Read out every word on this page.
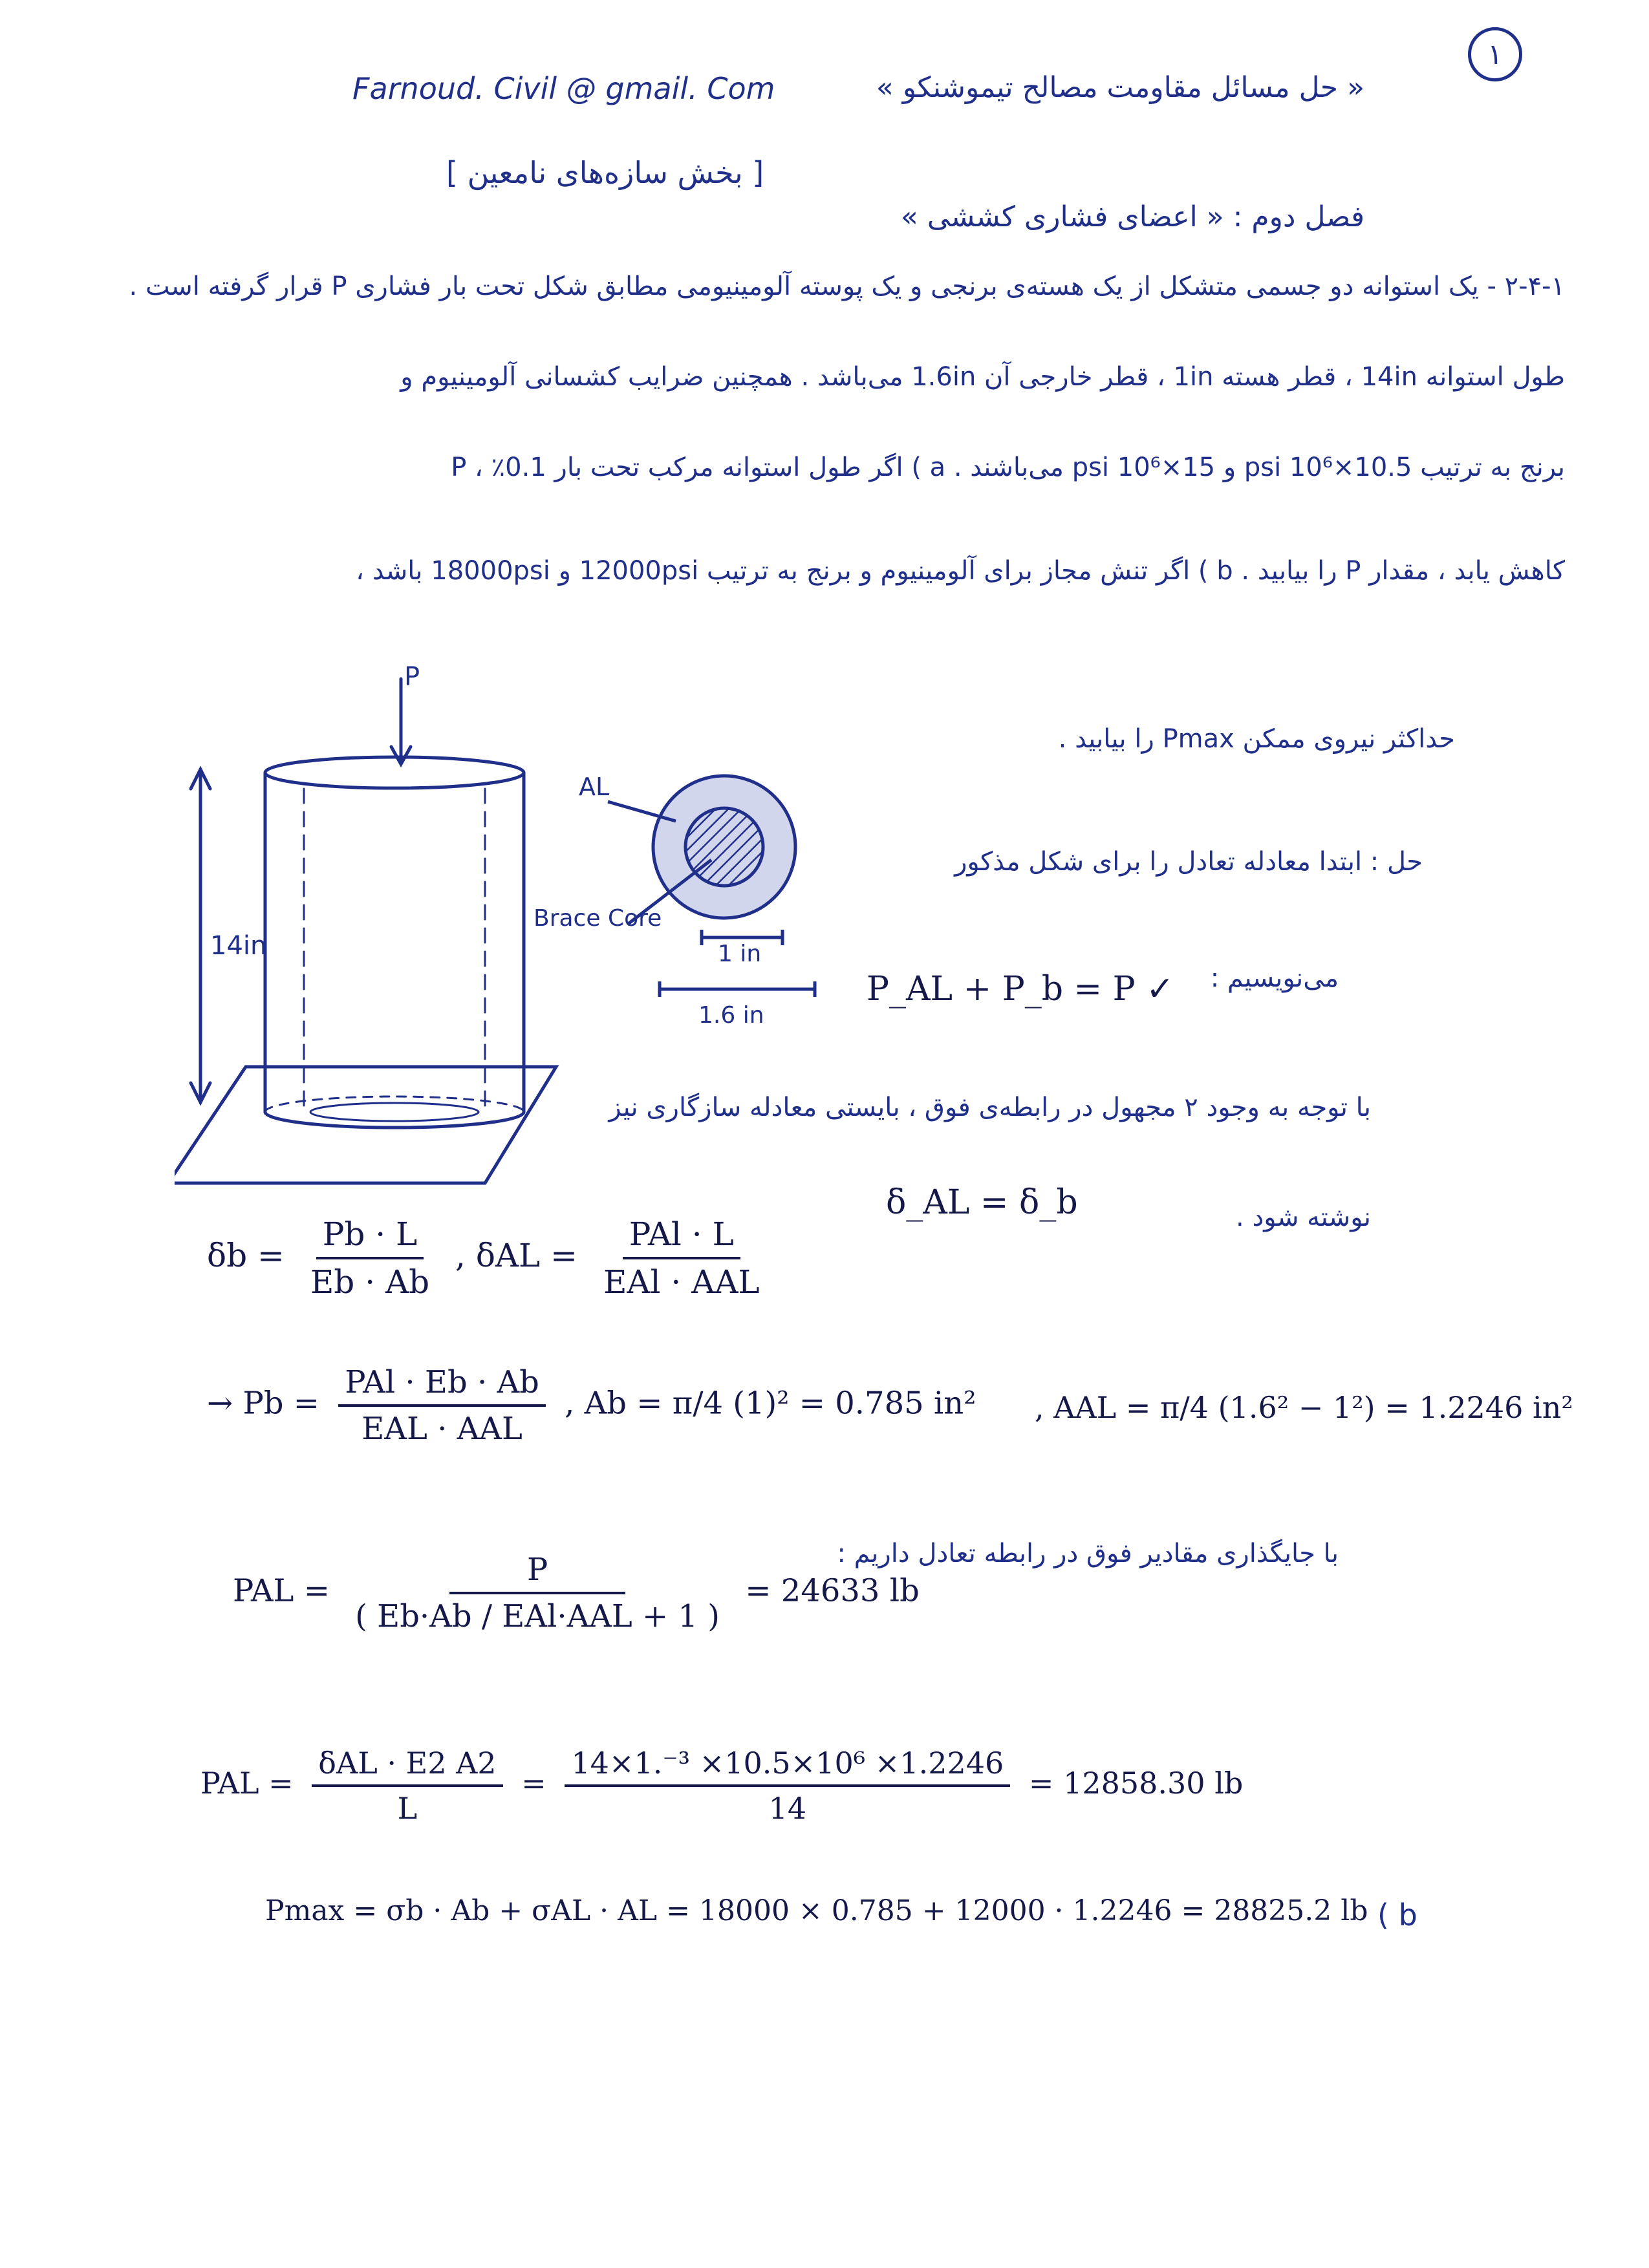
۱
Farnoud. Civil @ gmail. Com	« حل مسائل مقاومت مصالح تیموشنکو »
[ بخش سازه‌های نامعین ]
فصل دوم : « اعضای فشاری کششی »
۲-۴-۱ - یک استوانه دو جسمی متشکل از یک هسته‌ی برنجی و یک پوسته آلومینیومی مطابق شکل تحت بار فشاری P قرار گرفته است .
طول استوانه 14in ، قطر هسته 1in ، قطر خارجی آن 1.6in می‌باشد . همچنین ضرایب کشسانی آلومینیوم و
برنج به ترتیب 10.5×10⁶ psi و 15×10⁶ psi می‌باشند . a ) اگر طول استوانه مرکب تحت بار P ، ٪0.1
کاهش یابد ، مقدار P را بیابید . b ) اگر تنش مجاز برای آلومینیوم و برنج به ترتیب 12000psi و 18000psi باشد ،
حداکثر نیروی ممکن Pmax را بیابید .
P
14in
AL
Brace Core
1 in
1.6 in
حل : ابتدا معادله تعادل را برای شکل مذکور
می‌نویسیم :
P_AL + P_b = P ✓
با توجه به وجود ۲ مجهول در رابطه‌ی فوق ، بایستی معادله سازگاری نیز
δ_AL = δ_b	نوشته شود .
$\delta b = \frac{Pb \cdot L}{Eb \cdot Ab}$ , $\delta AL = \frac{\text{PAl · L}}{\text{EAl · AAL}}$
→ $Pb = \frac{\text{PAl · Eb · Ab}}{\text{EAL · AAL}}$ , Ab = π/4 (1)² = 0.785 in² , AAL = π/4 (1.6² − 1²) = 1.2246 in²
با جایگذاری مقادیر فوق در رابطه تعادل داریم :
PAL = $\frac{P}{\text{( Eb·Ab / EAl·AAL + 1 )}} = 24633$ lb
PAL = $\frac{\text{δAL · E2 A2}}{L} = \frac{\text{14×1.⁻³ ×10.5×10⁶ ×1.2246}}{14} = 12858.30$ lb
Pmax = σb · Ab + σAL · AL = 18000 × 0.785 + 12000 · 1.2246 = 28825.2 lb ( b
